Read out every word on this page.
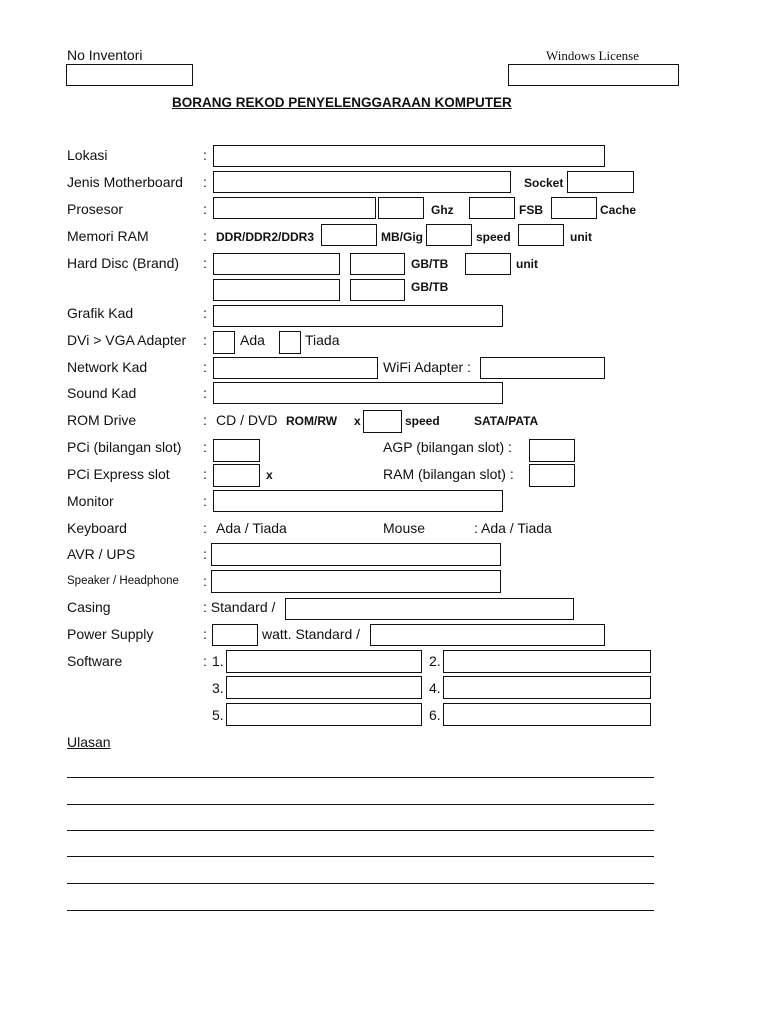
No Inventori	Windows License
BORANG REKOD PENYELENGGARAAN KOMPUTER
Lokasi	:
Jenis Motherboard :	Socket
Prosesor	:	Ghz	FSB	Cache
Memori RAM	: DDR/DDR2/DDR3	MB/Gig	speed	unit
Hard Disc (Brand) :	GB/TB	unit
GB/TB
Grafik Kad	:
DVi > VGA Adapter : Ada	Tiada
Network Kad	:	WiFi Adapter :
Sound Kad	:
ROM Drive	: CD / DVD ROM/RW x	speed	SATA/PATA
PCi (bilangan slot) :	AGP (bilangan slot) :
PCi Express slot :	x	RAM (bilangan slot) :
Monitor	:
Keyboard	: Ada / Tiada	Mouse	: Ada / Tiada
AVR / UPS	:
Speaker / Headphone :
Casing	: Standard /
Power Supply	:	watt. Standard /
Software	: 1.	2.
3.	4.
5.	6.
Ulasan
